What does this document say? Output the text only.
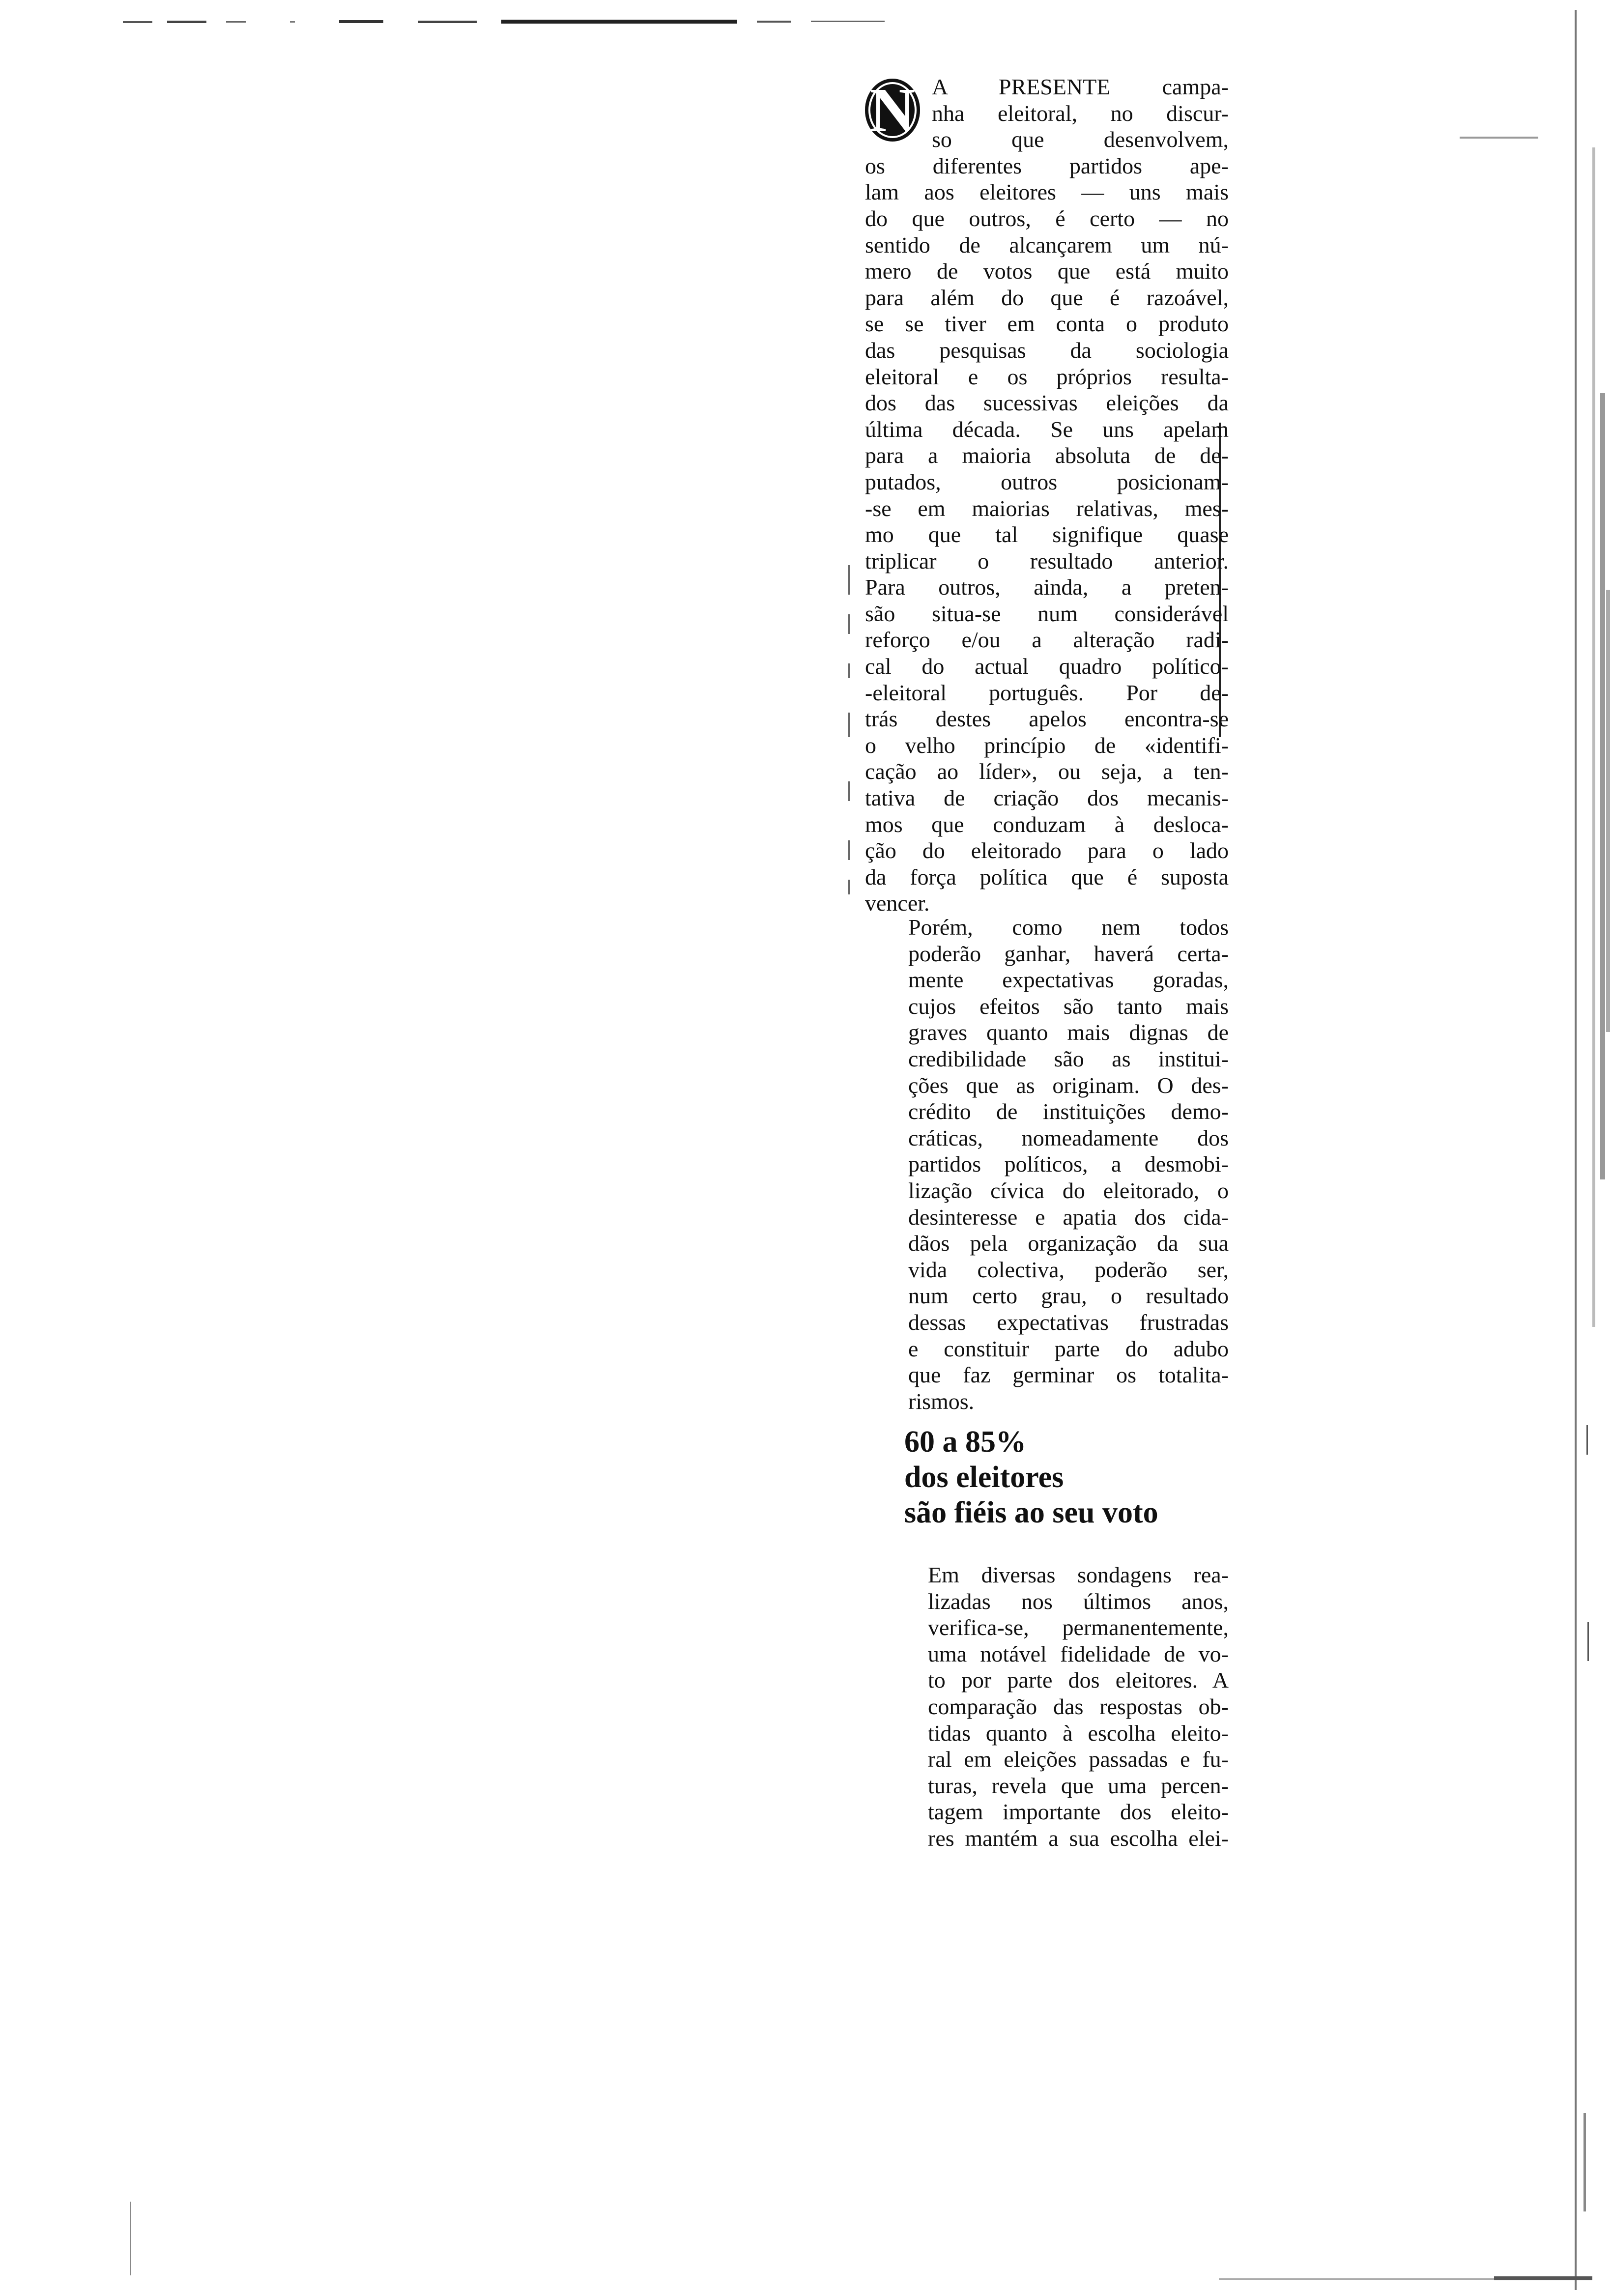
N A PRESENTE campa-
nha eleitoral, no discur-
so que desenvolvem,
os diferentes partidos ape-
lam aos eleitores — uns mais
do que outros, é certo — no
sentido de alcançarem um nú-
mero de votos que está muito
para além do que é razoável,
se se tiver em conta o produto
das pesquisas da sociologia
eleitoral e os próprios resulta-
dos das sucessivas eleições da
última década. Se uns apelam
para a maioria absoluta de de-
putados, outros posicionam-
-se em maiorias relativas, mes-
mo que tal signifique quase
triplicar o resultado anterior.
Para outros, ainda, a preten-
são situa-se num considerável
reforço e/ou a alteração radi-
cal do actual quadro político-
-eleitoral português. Por de-
trás destes apelos encontra-se
o velho princípio de «identifi-
cação ao líder», ou seja, a ten-
tativa de criação dos mecanis-
mos que conduzam à desloca-
ção do eleitorado para o lado
da força política que é suposta
vencer.

Porém, como nem todos
poderão ganhar, haverá certa-
mente expectativas goradas,
cujos efeitos são tanto mais
graves quanto mais dignas de
credibilidade são as institui-
ções que as originam. O des-
crédito de instituições demo-
cráticas, nomeadamente dos
partidos políticos, a desmobi-
lização cívica do eleitorado, o
desinteresse e apatia dos cida-
dãos pela organização da sua
vida colectiva, poderão ser,
num certo grau, o resultado
dessas expectativas frustradas
e constituir parte do adubo
que faz germinar os totalita-
rismos.

60 a 85%
dos eleitores
são fiéis ao seu voto

Em diversas sondagens rea-
lizadas nos últimos anos,
verifica-se, permanentemente,
uma notável fidelidade de vo-
to por parte dos eleitores. A
comparação das respostas ob-
tidas quanto à escolha eleito-
ral em eleições passadas e fu-
turas, revela que uma percen-
tagem importante dos eleito-
res mantém a sua escolha elei-
